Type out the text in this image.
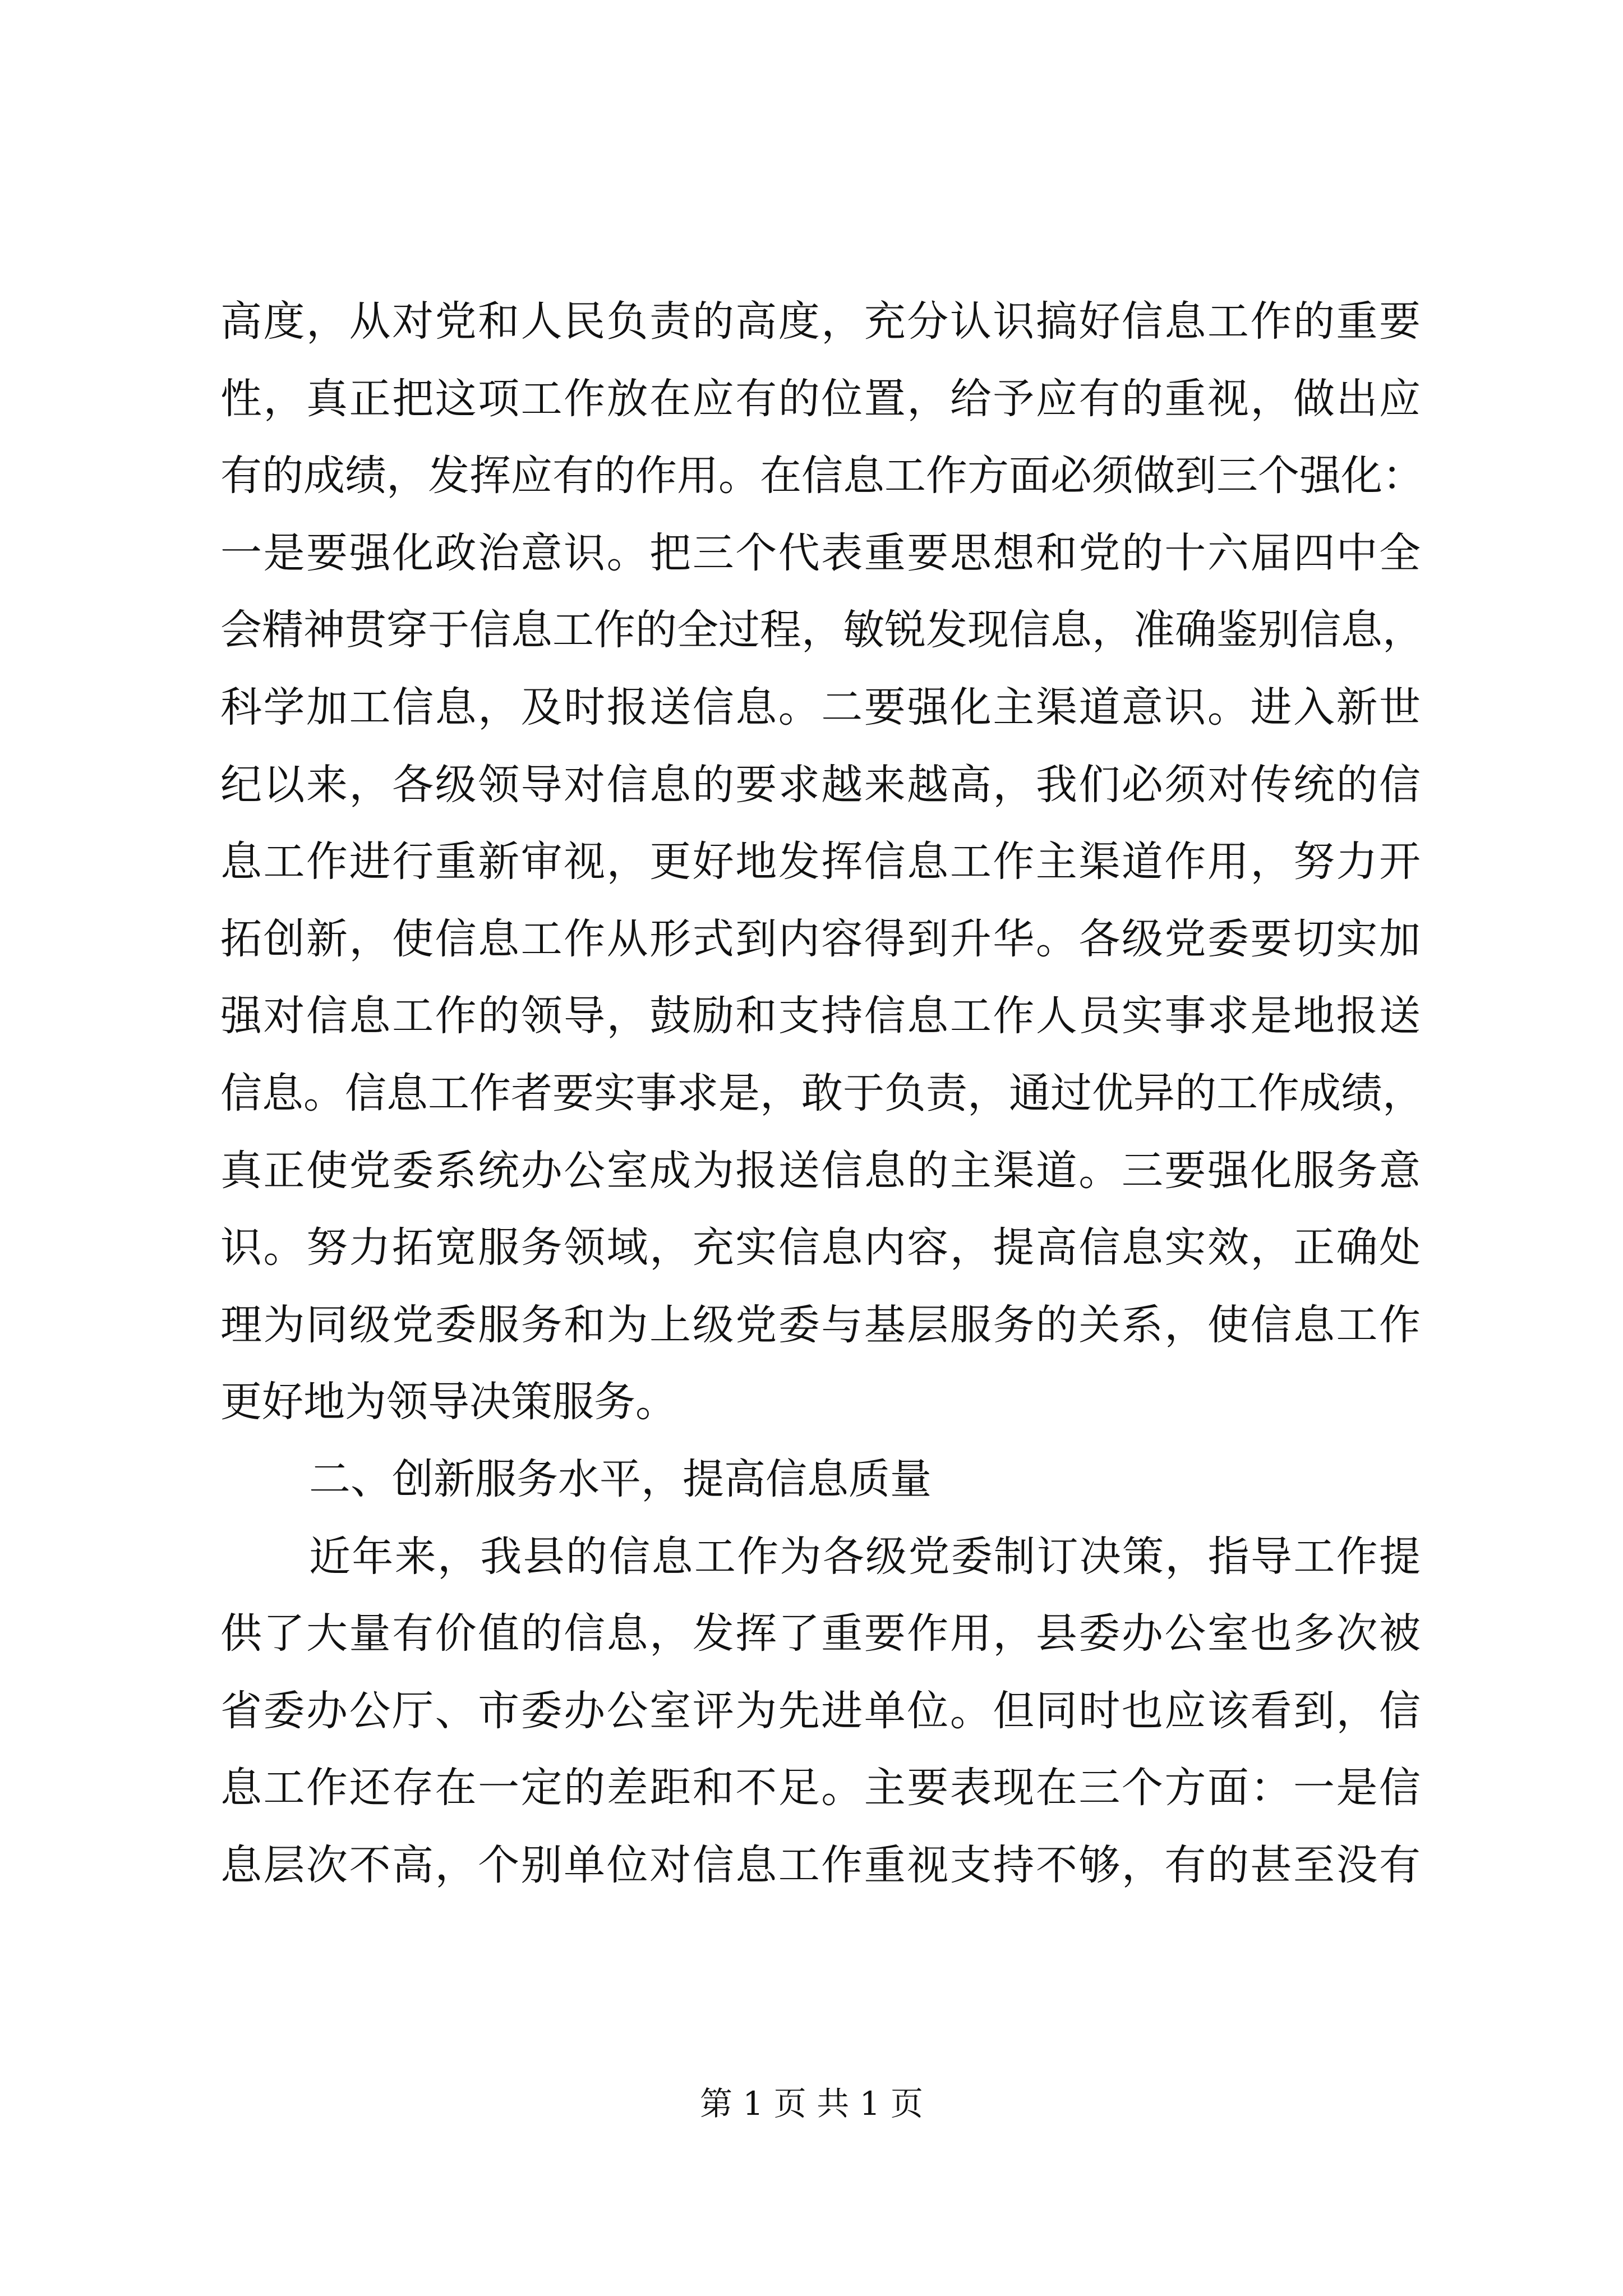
高度，从对党和人民负责的高度，充分认识搞好信息工作的重要
性，真正把这项工作放在应有的位置，给予应有的重视，做出应
有的成绩，发挥应有的作用。在信息工作方面必须做到三个强化：
一是要强化政治意识。把三个代表重要思想和党的十六届四中全
会精神贯穿于信息工作的全过程，敏锐发现信息，准确鉴别信息，
科学加工信息，及时报送信息。二要强化主渠道意识。进入新世
纪以来，各级领导对信息的要求越来越高，我们必须对传统的信
息工作进行重新审视，更好地发挥信息工作主渠道作用，努力开
拓创新，使信息工作从形式到内容得到升华。各级党委要切实加
强对信息工作的领导，鼓励和支持信息工作人员实事求是地报送
信息。信息工作者要实事求是，敢于负责，通过优异的工作成绩，
真正使党委系统办公室成为报送信息的主渠道。三要强化服务意
识。努力拓宽服务领域，充实信息内容，提高信息实效，正确处
理为同级党委服务和为上级党委与基层服务的关系，使信息工作
更好地为领导决策服务。
二、创新服务水平，提高信息质量
近年来，我县的信息工作为各级党委制订决策，指导工作提
供了大量有价值的信息，发挥了重要作用，县委办公室也多次被
省委办公厅、市委办公室评为先进单位。但同时也应该看到，信
息工作还存在一定的差距和不足。主要表现在三个方面：一是信
息层次不高，个别单位对信息工作重视支持不够，有的甚至没有
第 1 页 共 1 页
